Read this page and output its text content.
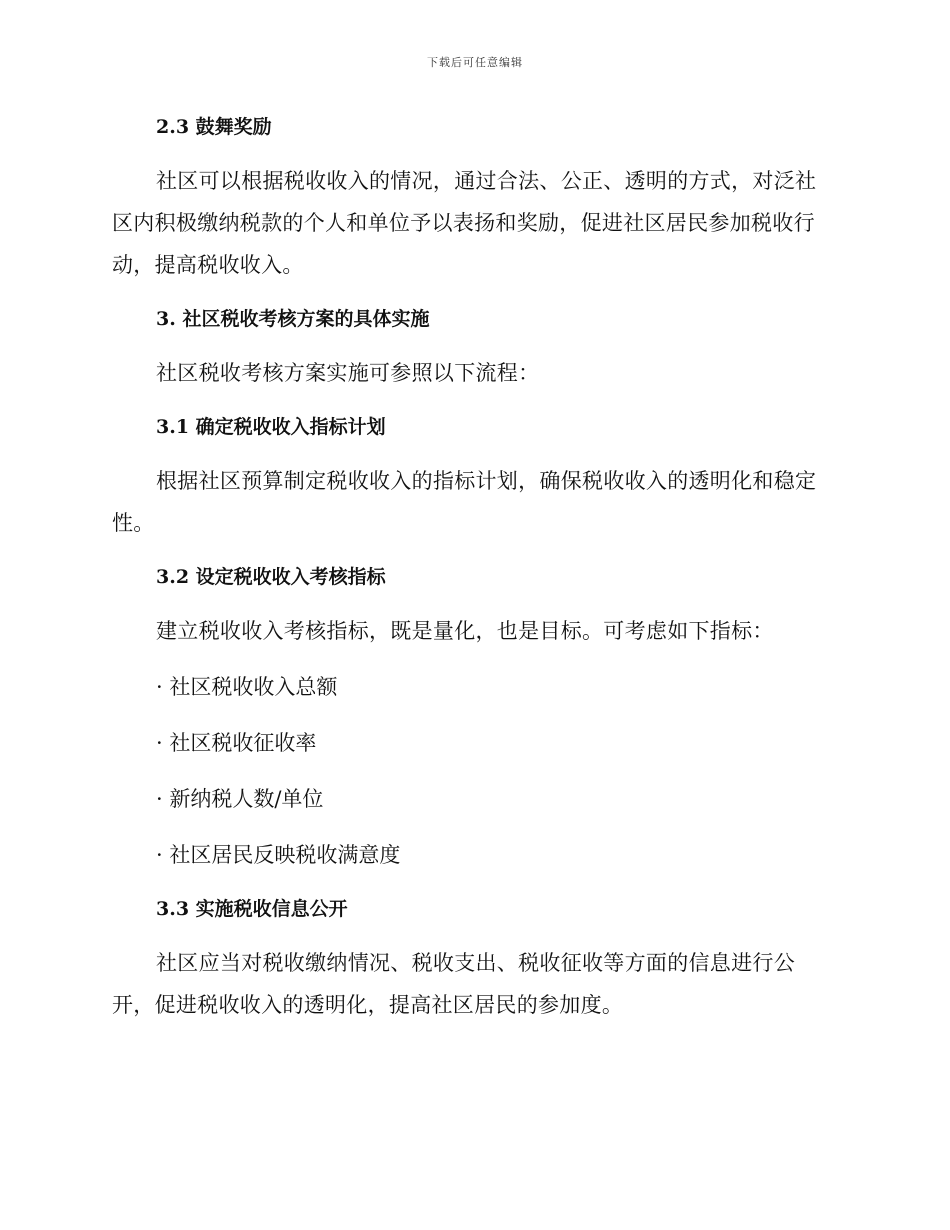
下载后可任意编辑
2.3 鼓舞奖励

社区可以根据税收收入的情况，通过合法、公正、透明的方式，对泛社区内积极缴纳税款的个人和单位予以表扬和奖励，促进社区居民参加税收行动，提高税收收入。

3. 社区税收考核方案的具体实施

社区税收考核方案实施可参照以下流程：

3.1 确定税收收入指标计划

根据社区预算制定税收收入的指标计划，确保税收收入的透明化和稳定性。

3.2 设定税收收入考核指标

建立税收收入考核指标，既是量化，也是目标。可考虑如下指标：

· 社区税收收入总额
· 社区税收征收率
· 新纳税人数/单位
· 社区居民反映税收满意度
3.3 实施税收信息公开

社区应当对税收缴纳情况、税收支出、税收征收等方面的信息进行公开，促进税收收入的透明化，提高社区居民的参加度。
